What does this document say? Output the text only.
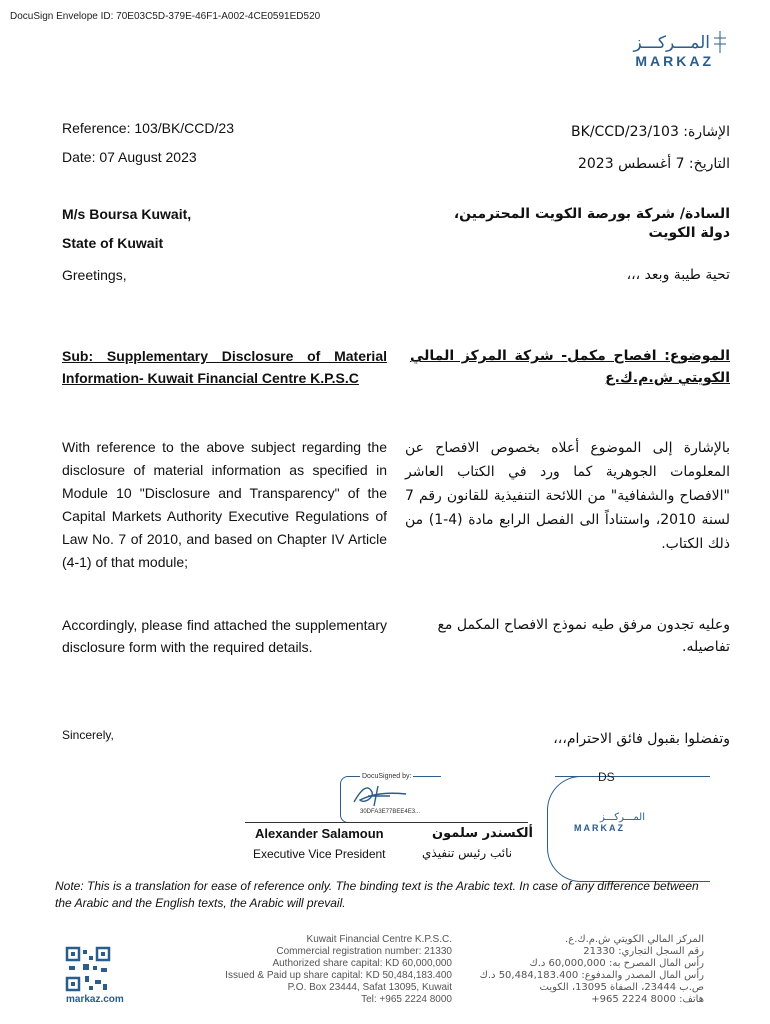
DocuSign Envelope ID: 70E03C5D-379E-46F1-A002-4CE0591ED520
المـــركـــز
MARKAZ
Reference: 103/BK/CCD/23
Date: 07 August 2023
الإشارة: 103/BK/CCD/23
التاريخ: 7 أغسطس 2023
M/s Boursa Kuwait,
State of Kuwait
Greetings,
السادة/ شركة بورصة الكويت المحترمين،
دولة الكويت
تحية طيبة وبعد ،،،
Sub: Supplementary Disclosure of Material Information- Kuwait Financial Centre K.P.S.C
الموضوع: افصاح مكمل- شركة المركز المالي الكويتي ش.م.ك.ع
With reference to the above subject regarding the disclosure of material information as specified in Module 10 "Disclosure and Transparency" of the Capital Markets Authority Executive Regulations of Law No. 7 of 2010, and based on Chapter IV Article (4-1) of that module;
بالإشارة إلى الموضوع أعلاه بخصوص الافصاح عن المعلومات الجوهرية كما ورد في الكتاب العاشر "الافصاح والشفافية" من اللائحة التنفيذية للقانون رقم 7 لسنة 2010، واستناداً الى الفصل الرابع مادة (4-1) من ذلك الكتاب.
Accordingly, please find attached the supplementary disclosure form with the required details.
وعليه تجدون مرفق طيه نموذج الافصاح المكمل مع تفاصيله.
Sincerely,	وتفضلوا بقبول فائق الاحترام،،،
DocuSigned by:
30DFA3E77BEE4E3...
Alexander Salamoun	ألكسندر سلمون
Executive Vice President	نائب رئيس تنفيذي
DS
المـــركـــز
MARKAZ
Note: This is a translation for ease of reference only. The binding text is the Arabic text. In case of any difference between the Arabic and the English texts, the Arabic will prevail.
Kuwait Financial Centre K.P.S.C.
Commercial registration number: 21330
Authorized share capital: KD 60,000,000
Issued & Paid up share capital: KD 50,484,183.400
P.O. Box 23444, Safat 13095, Kuwait
Tel: +965 2224 8000
المركز المالي الكويتي ش.م.ك.ع.
رقم السجل التجاري: 21330
رأس المال المصرح به: 60,000,000 د.ك
رأس المال المصدر والمدفوع: 50,484,183.400 د.ك
ص.ب 23444، الصفاة 13095، الكويت
هاتف: 8000 2224 965+
markaz.com
